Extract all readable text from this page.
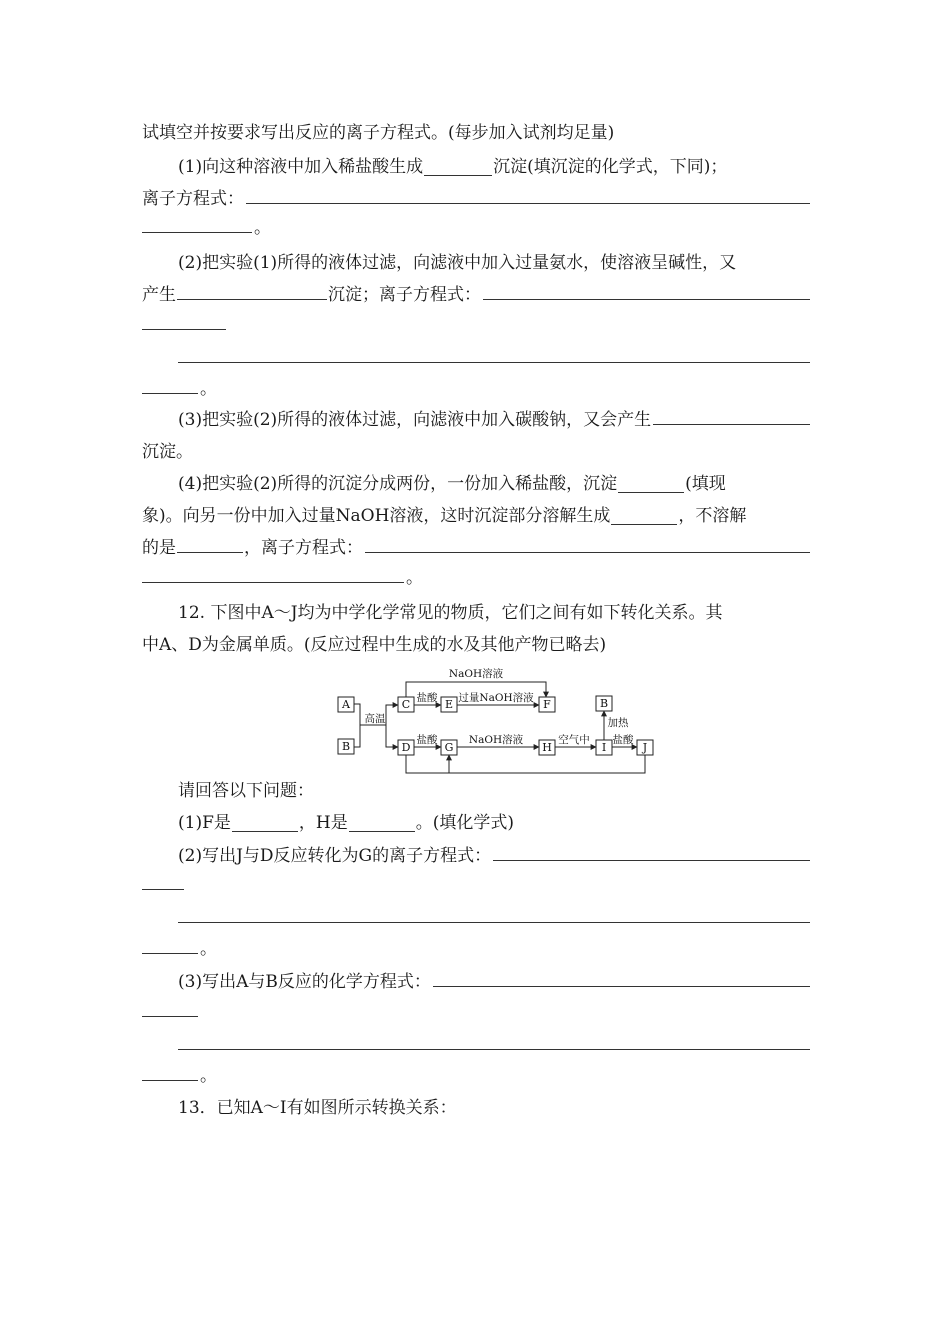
试填空并按要求写出反应的离子方程式。(每步加入试剂均足量)
(1)向这种溶液中加入稀盐酸生成	沉淀(填沉淀的化学式，下同)；
离子方程式：
。
(2)把实验(1)所得的液体过滤，向滤液中加入过量氨水，使溶液呈碱性，又
产生	沉淀；离子方程式：
。
(3)把实验(2)所得的液体过滤，向滤液中加入碳酸钠，又会产生
沉淀。
(4)把实验(2)所得的沉淀分成两份，一份加入稀盐酸，沉淀	(填现
象)。向另一份中加入过量NaOH溶液，这时沉淀部分溶解生成	，不溶解
的是	，离子方程式：
。
12. 下图中A～J均为中学化学常见的物质，它们之间有如下转化关系。其
中A、D为金属单质。(反应过程中生成的水及其他产物已略去)
A
B
C	E	F
D	G	H	I
B
J
高温
NaOH溶液
盐酸 过量NaOH溶液
盐酸	NaOH溶液	空气中
加热
盐酸
请回答以下问题：
(1)F是	，H是	。(填化学式)
(2)写出J与D反应转化为G的离子方程式：
。
(3)写出A与B反应的化学方程式：
。
13．已知A～I有如图所示转换关系：
